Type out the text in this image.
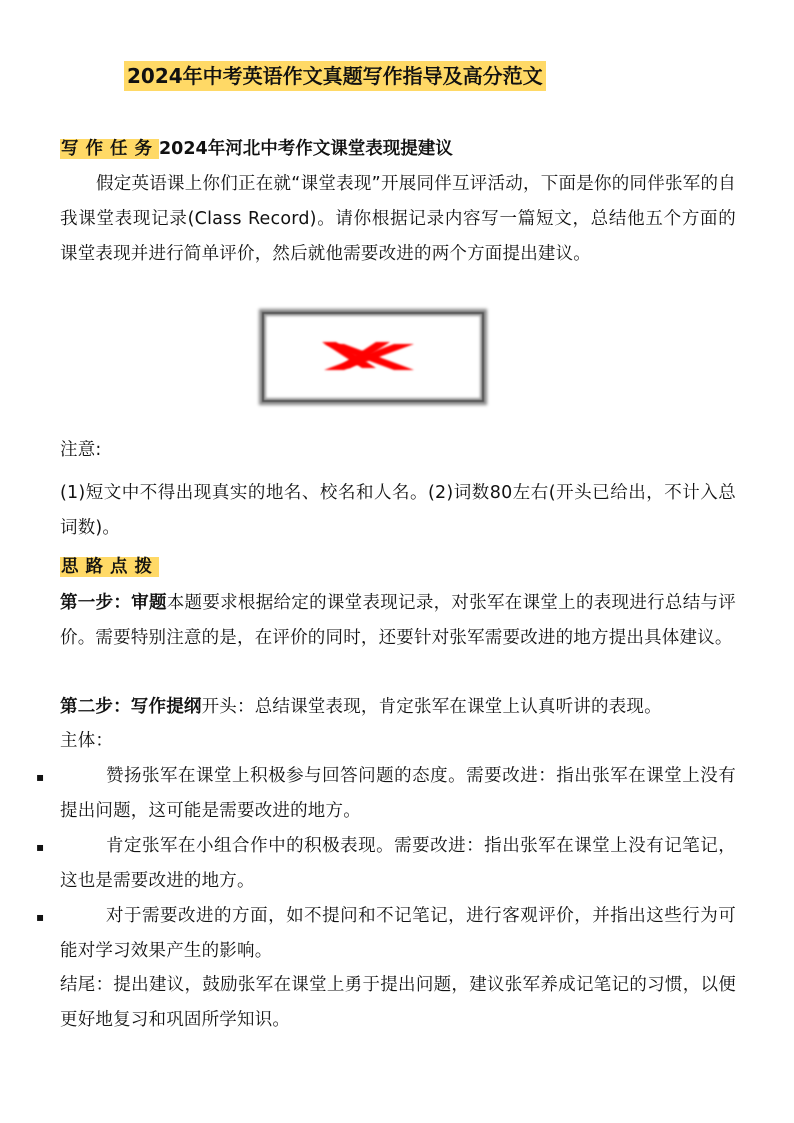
2024年中考英语作文真题写作指导及高分范文
写作任务2024年河北中考作文课堂表现提建议
假定英语课上你们正在就“课堂表现”开展同伴互评活动，下面是你的同伴张军的自我课堂表现记录(Class Record)。请你根据记录内容写一篇短文，总结他五个方面的课堂表现并进行简单评价，然后就他需要改进的两个方面提出建议。
注意:
(1)短文中不得出现真实的地名、校名和人名。(2)词数80左右(开头已给出，不计入总词数)。
思路点拨
第一步：审题本题要求根据给定的课堂表现记录，对张军在课堂上的表现进行总结与评价。需要特别注意的是，在评价的同时，还要针对张军需要改进的地方提出具体建议。
第二步：写作提纲开头：总结课堂表现，肯定张军在课堂上认真听讲的表现。
主体：
▪	赞扬张军在课堂上积极参与回答问题的态度。需要改进：指出张军在课堂上没有提出问题，这可能是需要改进的地方。
▪	肯定张军在小组合作中的积极表现。需要改进：指出张军在课堂上没有记笔记，这也是需要改进的地方。
▪	对于需要改进的方面，如不提问和不记笔记，进行客观评价，并指出这些行为可能对学习效果产生的影响。
结尾：提出建议，鼓励张军在课堂上勇于提出问题，建议张军养成记笔记的习惯，以便更好地复习和巩固所学知识。
